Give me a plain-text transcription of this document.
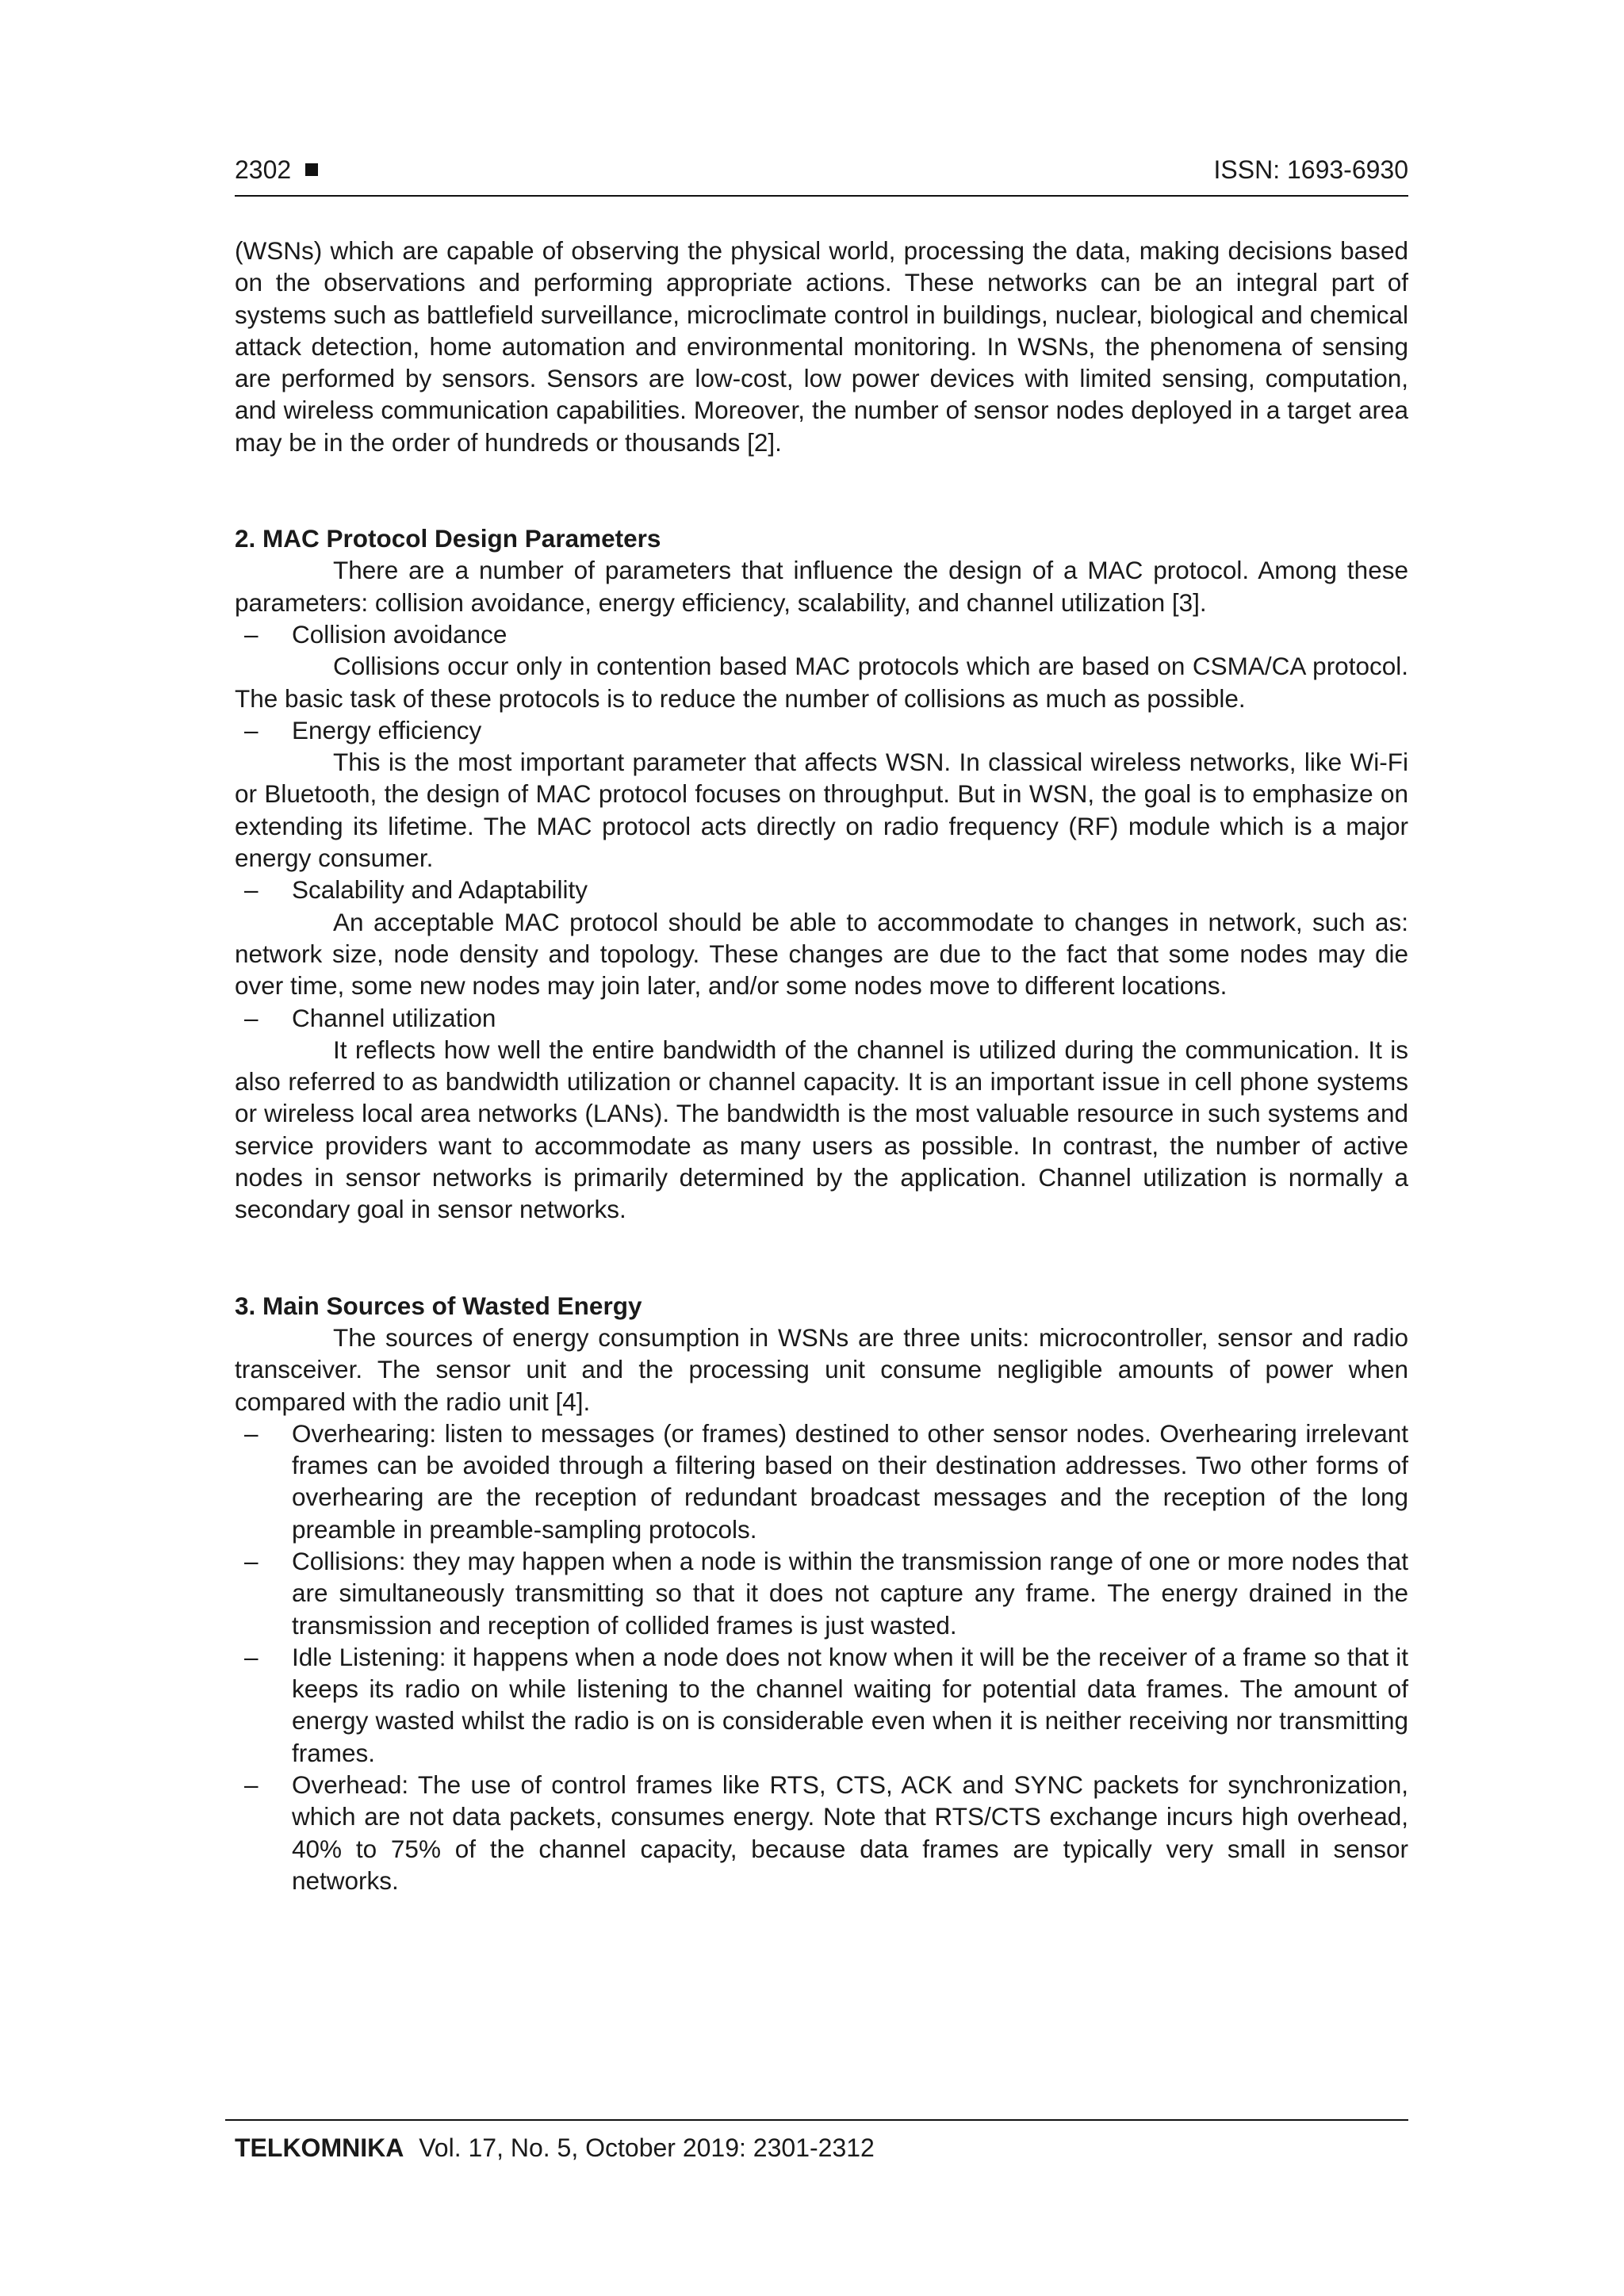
2302	ISSN: 1693-6930

(WSNs) which are capable of observing the physical world, processing the data, making decisions based on the observations and performing appropriate actions. These networks can be an integral part of systems such as battlefield surveillance, microclimate control in buildings, nuclear, biological and chemical attack detection, home automation and environmental monitoring. In WSNs, the phenomena of sensing are performed by sensors. Sensors are low-cost, low power devices with limited sensing, computation, and wireless communication capabilities. Moreover, the number of sensor nodes deployed in a target area may be in the order of hundreds or thousands [2].

2. MAC Protocol Design Parameters

There are a number of parameters that influence the design of a MAC protocol. Among these parameters: collision avoidance, energy efficiency, scalability, and channel utilization [3].

– Collision avoidance

Collisions occur only in contention based MAC protocols which are based on CSMA/CA protocol. The basic task of these protocols is to reduce the number of collisions as much as possible.

– Energy efficiency

This is the most important parameter that affects WSN. In classical wireless networks, like Wi-Fi or Bluetooth, the design of MAC protocol focuses on throughput. But in WSN, the goal is to emphasize on extending its lifetime. The MAC protocol acts directly on radio frequency (RF) module which is a major energy consumer.

– Scalability and Adaptability

An acceptable MAC protocol should be able to accommodate to changes in network, such as: network size, node density and topology. These changes are due to the fact that some nodes may die over time, some new nodes may join later, and/or some nodes move to different locations.

– Channel utilization

It reflects how well the entire bandwidth of the channel is utilized during the communication. It is also referred to as bandwidth utilization or channel capacity. It is an important issue in cell phone systems or wireless local area networks (LANs). The bandwidth is the most valuable resource in such systems and service providers want to accommodate as many users as possible. In contrast, the number of active nodes in sensor networks is primarily determined by the application. Channel utilization is normally a secondary goal in sensor networks.

3. Main Sources of Wasted Energy

The sources of energy consumption in WSNs are three units: microcontroller, sensor and radio transceiver. The sensor unit and the processing unit consume negligible amounts of power when compared with the radio unit [4].

– Overhearing: listen to messages (or frames) destined to other sensor nodes. Overhearing irrelevant frames can be avoided through a filtering based on their destination addresses. Two other forms of overhearing are the reception of redundant broadcast messages and the reception of the long preamble in preamble-sampling protocols.

– Collisions: they may happen when a node is within the transmission range of one or more nodes that are simultaneously transmitting so that it does not capture any frame. The energy drained in the transmission and reception of collided frames is just wasted.

– Idle Listening: it happens when a node does not know when it will be the receiver of a frame so that it keeps its radio on while listening to the channel waiting for potential data frames. The amount of energy wasted whilst the radio is on is considerable even when it is neither receiving nor transmitting frames.

– Overhead: The use of control frames like RTS, CTS, ACK and SYNC packets for synchronization, which are not data packets, consumes energy. Note that RTS/CTS exchange incurs high overhead, 40% to 75% of the channel capacity, because data frames are typically very small in sensor networks.

TELKOMNIKA Vol. 17, No. 5, October 2019: 2301-2312
